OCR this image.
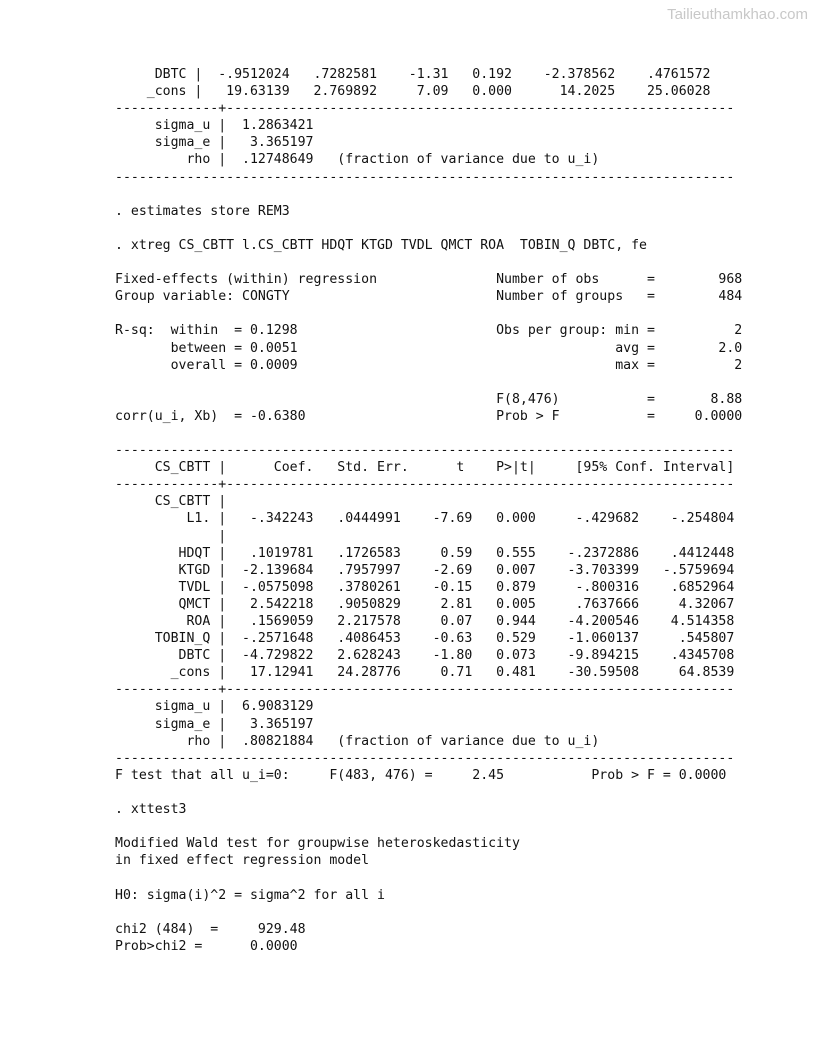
Tailieuthamkhao.com

DBTC |  -.9512024   .7282581    -1.31   0.192    -2.378562    .4761572
_cons |   19.63139   2.769892     7.09   0.000      14.2025    25.06028
-------------+----------------------------------------------------------------
sigma_u |  1.2863421
sigma_e |   3.365197
rho |  .12748649   (fraction of variance due to u_i)
------------------------------------------------------------------------------
. estimates store REM3
. xtreg CS_CBTT l.CS_CBTT HDQT KTGD TVDL QMCT ROA  TOBIN_Q DBTC, fe
Fixed-effects (within) regression               Number of obs      =        968
Group variable: CONGTY                          Number of groups   =        484
R-sq:  within  = 0.1298                         Obs per group: min =          2
between = 0.0051                                        avg =        2.0
overall = 0.0009                                        max =          2
F(8,476)           =       8.88
corr(u_i, Xb)  = -0.6380                        Prob > F           =     0.0000
------------------------------------------------------------------------------
CS_CBTT |      Coef.   Std. Err.      t    P>|t|     [95% Conf. Interval]
-------------+----------------------------------------------------------------
CS_CBTT |
L1. |   -.342243   .0444991    -7.69   0.000     -.429682    -.254804
|
HDQT |   .1019781   .1726583     0.59   0.555    -.2372886    .4412448
KTGD |  -2.139684   .7957997    -2.69   0.007    -3.703399   -.5759694
TVDL |  -.0575098   .3780261    -0.15   0.879     -.800316    .6852964
QMCT |   2.542218   .9050829     2.81   0.005     .7637666     4.32067
ROA |   .1569059   2.217578     0.07   0.944    -4.200546    4.514358
TOBIN_Q |  -.2571648   .4086453    -0.63   0.529    -1.060137     .545807
DBTC |  -4.729822   2.628243    -1.80   0.073    -9.894215    .4345708
_cons |   17.12941   24.28776     0.71   0.481    -30.59508     64.8539
-------------+----------------------------------------------------------------
sigma_u |  6.9083129
sigma_e |   3.365197
rho |  .80821884   (fraction of variance due to u_i)
------------------------------------------------------------------------------
F test that all u_i=0:     F(483, 476) =     2.45           Prob > F = 0.0000
. xttest3
Modified Wald test for groupwise heteroskedasticity
in fixed effect regression model
H0: sigma(i)^2 = sigma^2 for all i
chi2 (484)  =     929.48
Prob>chi2 =      0.0000
